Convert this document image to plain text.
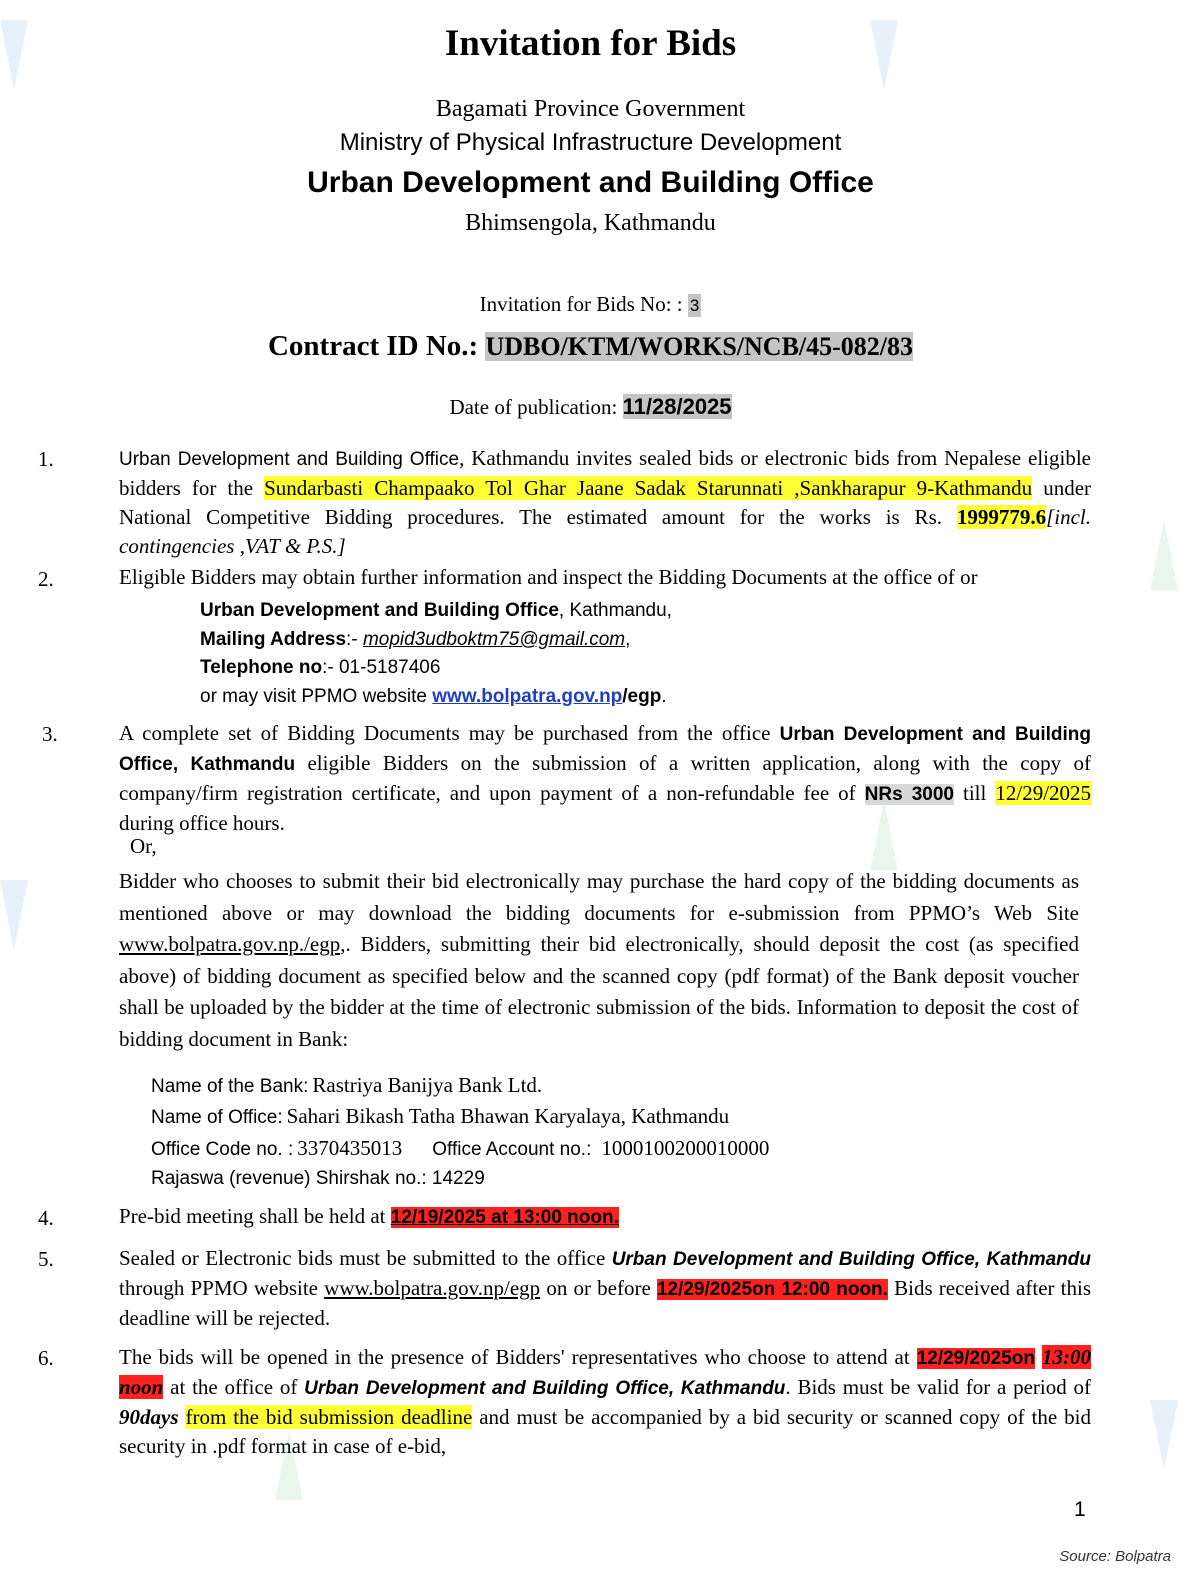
Invitation for Bids
Bagamati Province Government
Ministry of Physical Infrastructure Development
Urban Development and Building Office
Bhimsengola, Kathmandu
Invitation for Bids No: : 3
Contract ID No.: UDBO/KTM/WORKS/NCB/45-082/83
Date of publication: 11/28/2025
1.	Urban Development and Building Office, Kathmandu invites sealed bids or electronic bids from Nepalese eligible bidders for the Sundarbasti Champaako Tol Ghar Jaane Sadak Starunnati ,Sankharapur 9-Kathmandu under National Competitive Bidding procedures. The estimated amount for the works is Rs. 1999779.6[incl. contingencies ,VAT & P.S.]
2.	Eligible Bidders may obtain further information and inspect the Bidding Documents at the office of or
Urban Development and Building Office, Kathmandu,
Mailing Address:- mopid3udboktm75@gmail.com,
Telephone no:- 01-5187406
or may visit PPMO website www.bolpatra.gov.np/egp.
3.	A complete set of Bidding Documents may be purchased from the office Urban Development and Building Office, Kathmandu eligible Bidders on the submission of a written application, along with the copy of company/firm registration certificate, and upon payment of a non-refundable fee of NRs 3000 till 12/29/2025 during office hours.
Or,
Bidder who chooses to submit their bid electronically may purchase the hard copy of the bidding documents as mentioned above or may download the bidding documents for e-submission from PPMO’s Web Site www.bolpatra.gov.np./egp,. Bidders, submitting their bid electronically, should deposit the cost (as specified above) of bidding document as specified below and the scanned copy (pdf format) of the Bank deposit voucher shall be uploaded by the bidder at the time of electronic submission of the bids. Information to deposit the cost of bidding document in Bank:
Name of the Bank: Rastriya Banijya Bank Ltd.
Name of Office: Sahari Bikash Tatha Bhawan Karyalaya, Kathmandu
Office Code no. : 3370435013 Office Account no.: 1000100200010000
Rajaswa (revenue) Shirshak no.: 14229
4.	Pre-bid meeting shall be held at 12/19/2025 at 13:00 noon.
5.	Sealed or Electronic bids must be submitted to the office Urban Development and Building Office, Kathmandu through PPMO website www.bolpatra.gov.np/egp on or before 12/29/2025on 12:00 noon. Bids received after this deadline will be rejected.
6.	The bids will be opened in the presence of Bidders' representatives who choose to attend at 12/29/2025on 13:00 noon at the office of Urban Development and Building Office, Kathmandu. Bids must be valid for a period of 90days from the bid submission deadline and must be accompanied by a bid security or scanned copy of the bid security in .pdf format in case of e-bid,
1
Source: Bolpatra
